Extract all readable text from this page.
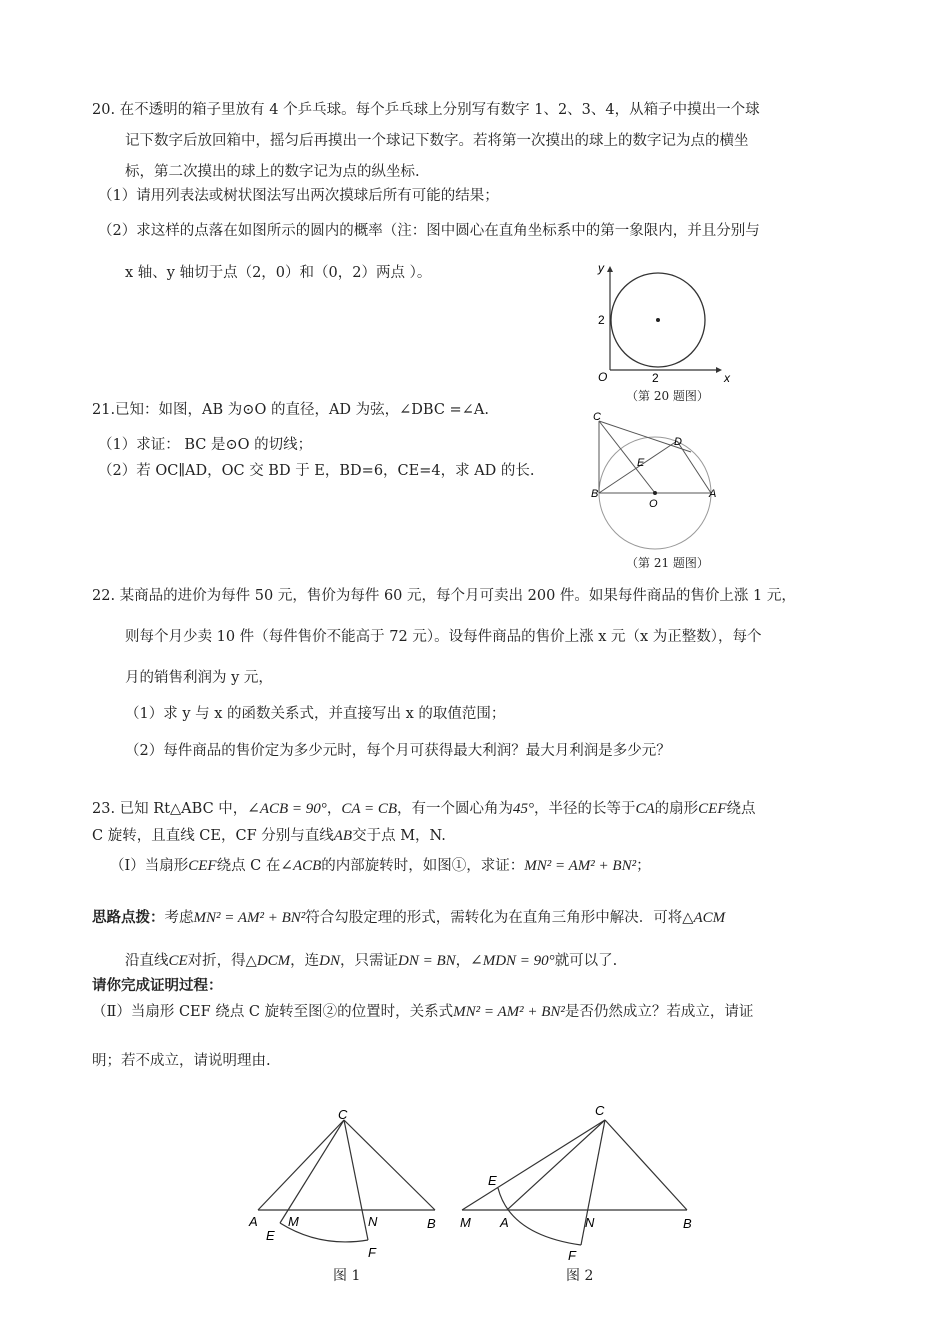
20. 在不透明的箱子里放有 4 个乒乓球。每个乒乓球上分别写有数字 1、2、3、4，从箱子中摸出一个球
记下数字后放回箱中，摇匀后再摸出一个球记下数字。若将第一次摸出的球上的数字记为点的横坐
标，第二次摸出的球上的数字记为点的纵坐标.
（1）请用列表法或树状图法写出两次摸球后所有可能的结果；
（2）求这样的点落在如图所示的圆内的概率（注：图中圆心在直角坐标系中的第一象限内，并且分别与
x 轴、y 轴切于点（2，0）和（0，2）两点 ）。
x
y
O
2
2
（第 20 题图）
21.已知：如图，AB 为⊙O 的直径，AD 为弦，∠DBC =∠A.
（1）求证： BC 是⊙O 的切线；
（2）若 OC∥AD，OC 交 BD 于 E，BD=6，CE=4，求 AD 的长.
C
D
E
B	A
O
（第 21 题图）
22. 某商品的进价为每件 50 元，售价为每件 60 元，每个月可卖出 200 件。如果每件商品的售价上涨 1 元，
则每个月少卖 10 件（每件售价不能高于 72 元）。设每件商品的售价上涨 x 元（x 为正整数），每个
月的销售利润为 y 元，
（1）求 y 与 x 的函数关系式，并直接写出 x 的取值范围；
（2）每件商品的售价定为多少元时，每个月可获得最大利润？最大月利润是多少元？
23. 已知 Rt△ABC 中，∠ACB = 90°，CA = CB，有一个圆心角为45°，半径的长等于CA的扇形CEF绕点
C 旋转，且直线 CE，CF 分别与直线AB交于点 M，N.
（Ⅰ）当扇形CEF绕点 C 在∠ACB的内部旋转时，如图①，求证：MN² = AM² + BN²；
思路点拨：考虑MN² = AM² + BN²符合勾股定理的形式，需转化为在直角三角形中解决．可将△ACM
沿直线CE对折，得△DCM，连DN，只需证DN = BN，∠MDN = 90°就可以了.
请你完成证明过程：
（Ⅱ）当扇形 CEF 绕点 C 旋转至图②的位置时，关系式MN² = AM² + BN²是否仍然成立？若成立，请证
明；若不成立，请说明理由.
C
A M	N	B
E
F
图 1
C
E
M A	N	B
F
图 2
